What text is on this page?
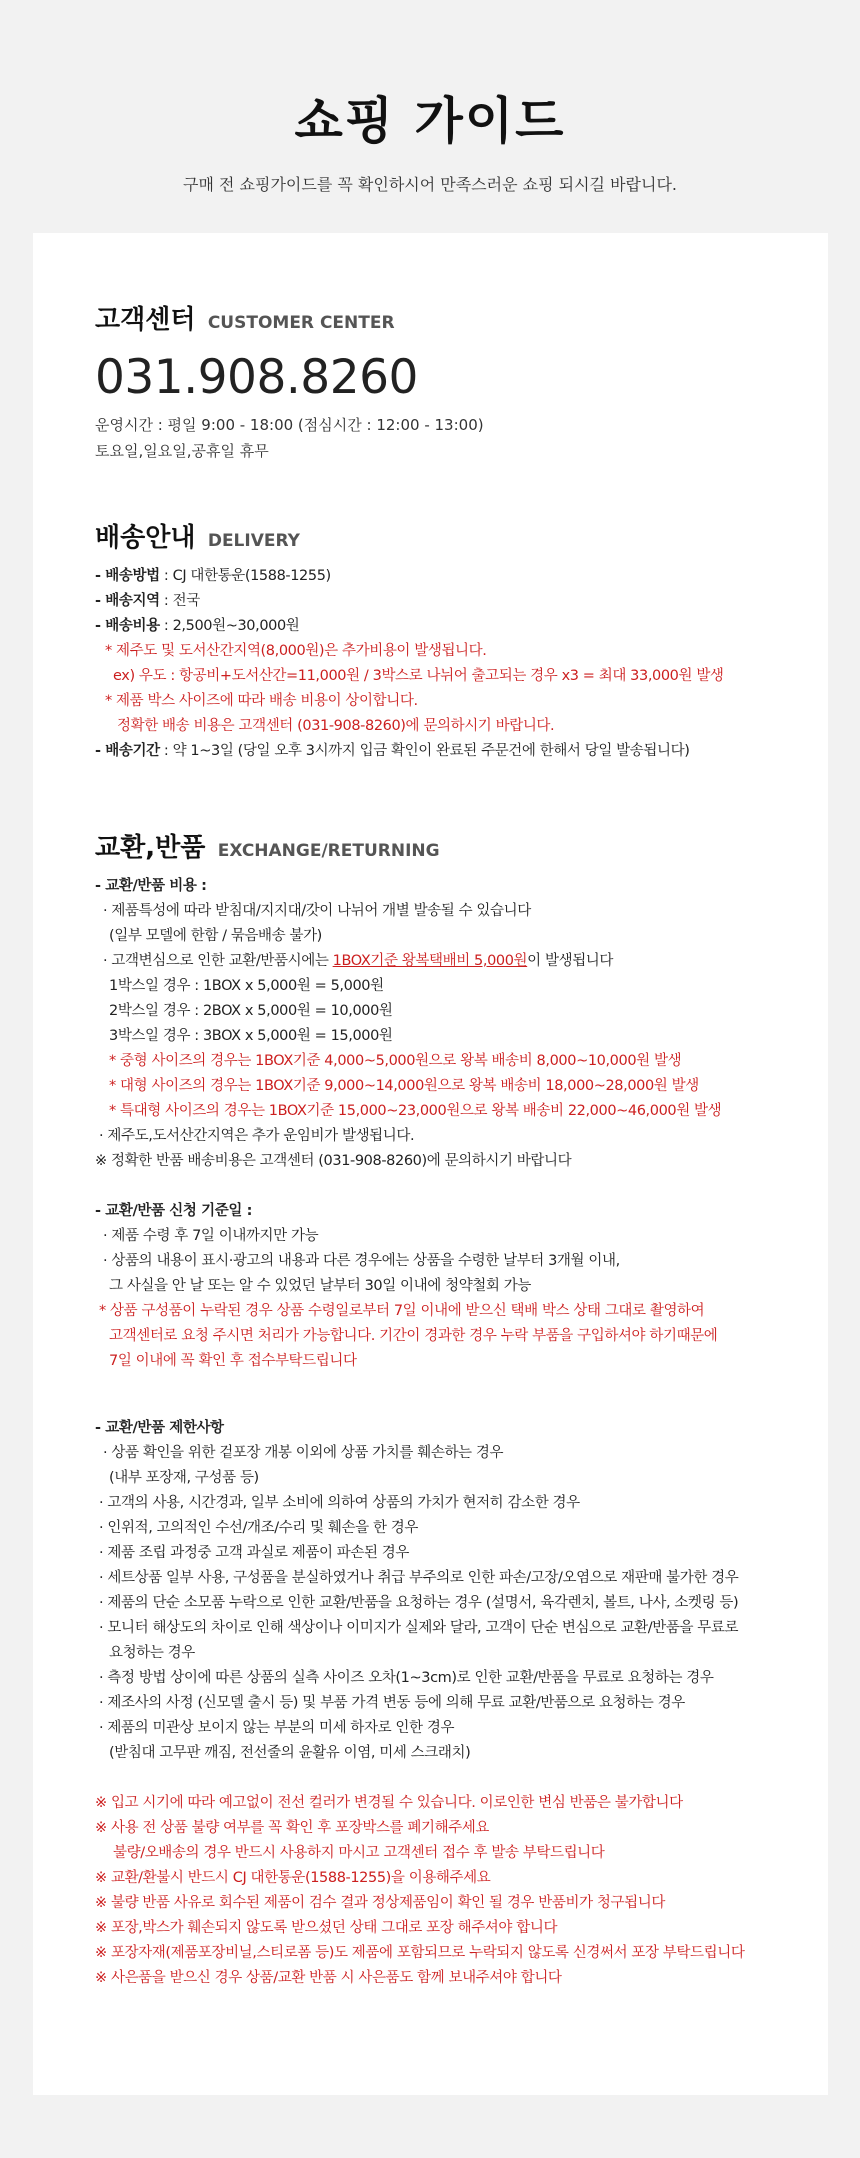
쇼핑 가이드
구매 전 쇼핑가이드를 꼭 확인하시어 만족스러운 쇼핑 되시길 바랍니다.
고객센터 CUSTOMER CENTER
031.908.8260
운영시간 : 평일 9:00 - 18:00 (점심시간 : 12:00 - 13:00)
토요일,일요일,공휴일 휴무
배송안내 DELIVERY
- 배송방법 : CJ 대한통운(1588-1255)
- 배송지역 : 전국
- 배송비용 : 2,500원~30,000원
* 제주도 및 도서산간지역(8,000원)은 추가비용이 발생됩니다.
ex) 우도 : 항공비+도서산간=11,000원 / 3박스로 나뉘어 출고되는 경우 x3 = 최대 33,000원 발생
* 제품 박스 사이즈에 따라 배송 비용이 상이합니다.
정확한 배송 비용은 고객센터 (031-908-8260)에 문의하시기 바랍니다.
- 배송기간 : 약 1~3일 (당일 오후 3시까지 입금 확인이 완료된 주문건에 한해서 당일 발송됩니다)
교환,반품 EXCHANGE/RETURNING
- 교환/반품 비용 :
· 제품특성에 따라 받침대/지지대/갓이 나뉘어 개별 발송될 수 있습니다
(일부 모델에 한함 / 묶음배송 불가)
· 고객변심으로 인한 교환/반품시에는 1BOX기준 왕복택배비 5,000원이 발생됩니다
1박스일 경우 : 1BOX x 5,000원 = 5,000원
2박스일 경우 : 2BOX x 5,000원 = 10,000원
3박스일 경우 : 3BOX x 5,000원 = 15,000원
* 중형 사이즈의 경우는 1BOX기준 4,000~5,000원으로 왕복 배송비 8,000~10,000원 발생
* 대형 사이즈의 경우는 1BOX기준 9,000~14,000원으로 왕복 배송비 18,000~28,000원 발생
* 특대형 사이즈의 경우는 1BOX기준 15,000~23,000원으로 왕복 배송비 22,000~46,000원 발생
· 제주도,도서산간지역은 추가 운임비가 발생됩니다.
※ 정확한 반품 배송비용은 고객센터 (031-908-8260)에 문의하시기 바랍니다
- 교환/반품 신청 기준일 :
· 제품 수령 후 7일 이내까지만 가능
· 상품의 내용이 표시·광고의 내용과 다른 경우에는 상품을 수령한 날부터 3개월 이내,
그 사실을 안 날 또는 알 수 있었던 날부터 30일 이내에 청약철회 가능
* 상품 구성품이 누락된 경우 상품 수령일로부터 7일 이내에 받으신 택배 박스 상태 그대로 촬영하여
고객센터로 요청 주시면 처리가 가능합니다. 기간이 경과한 경우 누락 부품을 구입하셔야 하기때문에
7일 이내에 꼭 확인 후 접수부탁드립니다
- 교환/반품 제한사항
· 상품 확인을 위한 겉포장 개봉 이외에 상품 가치를 훼손하는 경우
(내부 포장재, 구성품 등)
· 고객의 사용, 시간경과, 일부 소비에 의하여 상품의 가치가 현저히 감소한 경우
· 인위적, 고의적인 수선/개조/수리 및 훼손을 한 경우
· 제품 조립 과정중 고객 과실로 제품이 파손된 경우
· 세트상품 일부 사용, 구성품을 분실하였거나 취급 부주의로 인한 파손/고장/오염으로 재판매 불가한 경우
· 제품의 단순 소모품 누락으로 인한 교환/반품을 요청하는 경우 (설명서, 육각렌치, 볼트, 나사, 소켓링 등)
· 모니터 해상도의 차이로 인해 색상이나 이미지가 실제와 달라, 고객이 단순 변심으로 교환/반품을 무료로
요청하는 경우
· 측정 방법 상이에 따른 상품의 실측 사이즈 오차(1~3cm)로 인한 교환/반품을 무료로 요청하는 경우
· 제조사의 사정 (신모델 출시 등) 및 부품 가격 변동 등에 의해 무료 교환/반품으로 요청하는 경우
· 제품의 미관상 보이지 않는 부분의 미세 하자로 인한 경우
(받침대 고무판 깨짐, 전선줄의 윤활유 이염, 미세 스크래치)
※ 입고 시기에 따라 예고없이 전선 컬러가 변경될 수 있습니다. 이로인한 변심 반품은 불가합니다
※ 사용 전 상품 불량 여부를 꼭 확인 후 포장박스를 폐기해주세요
불량/오배송의 경우 반드시 사용하지 마시고 고객센터 접수 후 발송 부탁드립니다
※ 교환/환불시 반드시 CJ 대한통운(1588-1255)을 이용해주세요
※ 불량 반품 사유로 회수된 제품이 검수 결과 정상제품임이 확인 될 경우 반품비가 청구됩니다
※ 포장,박스가 훼손되지 않도록 받으셨던 상태 그대로 포장 해주셔야 합니다
※ 포장자재(제품포장비닐,스티로폼 등)도 제품에 포함되므로 누락되지 않도록 신경써서 포장 부탁드립니다
※ 사은품을 받으신 경우 상품/교환 반품 시 사은품도 함께 보내주셔야 합니다
